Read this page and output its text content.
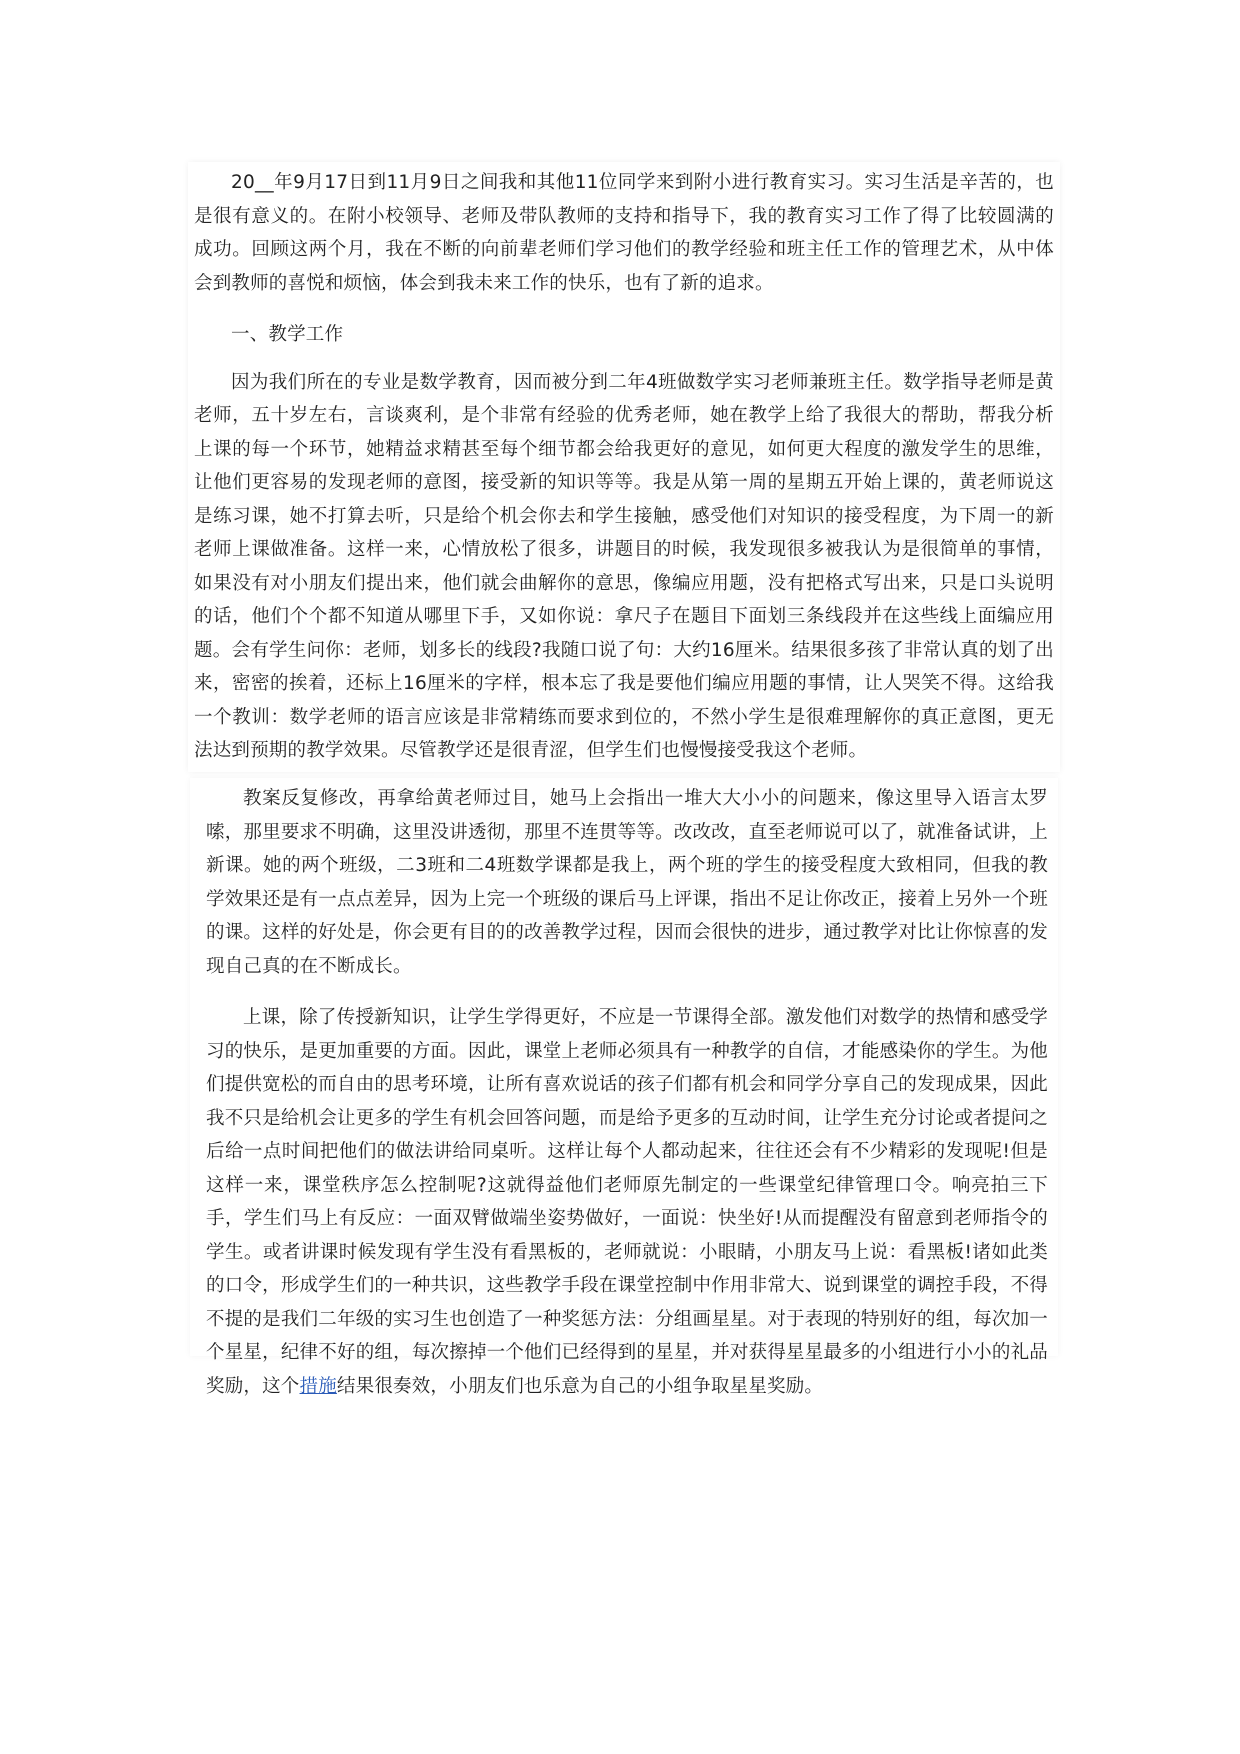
20__年9月17日到11月9日之间我和其他11位同学来到附小进行教育实习。实习生活是辛苦的，也是很有意义的。在附小校领导、老师及带队教师的支持和指导下，我的教育实习工作了得了比较圆满的成功。回顾这两个月，我在不断的向前辈老师们学习他们的教学经验和班主任工作的管理艺术，从中体会到教师的喜悦和烦恼，体会到我未来工作的快乐，也有了新的追求。

一、教学工作

因为我们所在的专业是数学教育，因而被分到二年4班做数学实习老师兼班主任。数学指导老师是黄老师，五十岁左右，言谈爽利，是个非常有经验的优秀老师，她在教学上给了我很大的帮助，帮我分析上课的每一个环节，她精益求精甚至每个细节都会给我更好的意见，如何更大程度的激发学生的思维，让他们更容易的发现老师的意图，接受新的知识等等。我是从第一周的星期五开始上课的，黄老师说这是练习课，她不打算去听，只是给个机会你去和学生接触，感受他们对知识的接受程度，为下周一的新老师上课做准备。这样一来，心情放松了很多，讲题目的时候，我发现很多被我认为是很简单的事情，如果没有对小朋友们提出来，他们就会曲解你的意思，像编应用题，没有把格式写出来，只是口头说明的话，他们个个都不知道从哪里下手，又如你说：拿尺子在题目下面划三条线段并在这些线上面编应用题。会有学生问你：老师，划多长的线段?我随口说了句：大约16厘米。结果很多孩了非常认真的划了出来，密密的挨着，还标上16厘米的字样，根本忘了我是要他们编应用题的事情，让人哭笑不得。这给我一个教训：数学老师的语言应该是非常精练而要求到位的，不然小学生是很难理解你的真正意图，更无法达到预期的教学效果。尽管教学还是很青涩，但学生们也慢慢接受我这个老师。

教案反复修改，再拿给黄老师过目，她马上会指出一堆大大小小的问题来，像这里导入语言太罗嗦，那里要求不明确，这里没讲透彻，那里不连贯等等。改改改，直至老师说可以了，就准备试讲，上新课。她的两个班级，二3班和二4班数学课都是我上，两个班的学生的接受程度大致相同，但我的教学效果还是有一点点差异，因为上完一个班级的课后马上评课，指出不足让你改正，接着上另外一个班的课。这样的好处是，你会更有目的的改善教学过程，因而会很快的进步，通过教学对比让你惊喜的发现自己真的在不断成长。

上课，除了传授新知识，让学生学得更好，不应是一节课得全部。激发他们对数学的热情和感受学习的快乐，是更加重要的方面。因此，课堂上老师必须具有一种教学的自信，才能感染你的学生。为他们提供宽松的而自由的思考环境，让所有喜欢说话的孩子们都有机会和同学分享自己的发现成果，因此我不只是给机会让更多的学生有机会回答问题，而是给予更多的互动时间，让学生充分讨论或者提问之后给一点时间把他们的做法讲给同桌听。这样让每个人都动起来，往往还会有不少精彩的发现呢!但是这样一来，课堂秩序怎么控制呢?这就得益他们老师原先制定的一些课堂纪律管理口令。响亮拍三下手，学生们马上有反应：一面双臂做端坐姿势做好，一面说：快坐好!从而提醒没有留意到老师指令的学生。或者讲课时候发现有学生没有看黑板的，老师就说：小眼睛，小朋友马上说：看黑板!诸如此类的口令，形成学生们的一种共识，这些教学手段在课堂控制中作用非常大、说到课堂的调控手段，不得不提的是我们二年级的实习生也创造了一种奖惩方法：分组画星星。对于表现的特别好的组，每次加一个星星，纪律不好的组，每次擦掉一个他们已经得到的星星，并对获得星星最多的小组进行小小的礼品奖励，这个措施结果很奏效，小朋友们也乐意为自己的小组争取星星奖励。
